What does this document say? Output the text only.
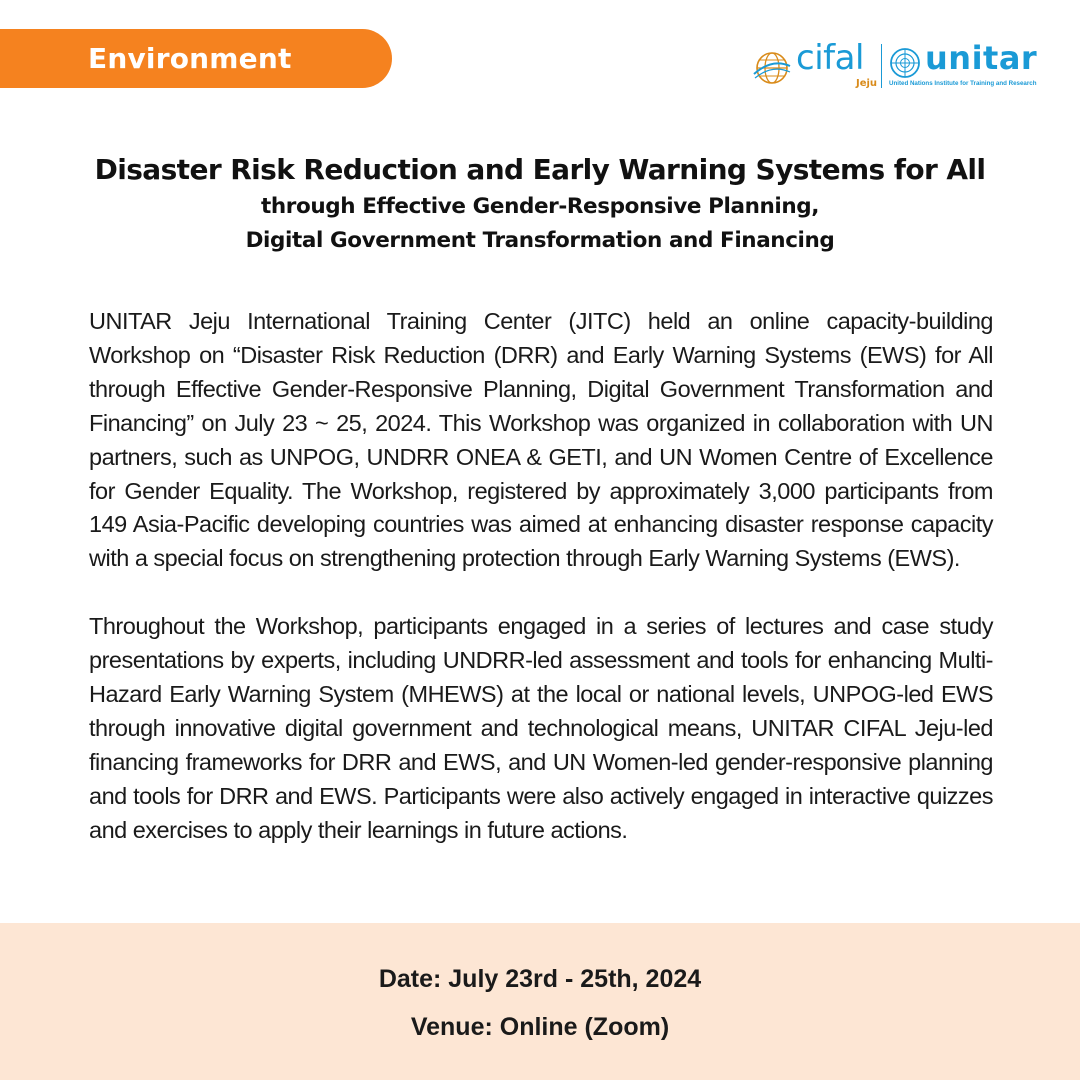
Environment	cifal
Jeju
unitar
United Nations Institute for Training and Research
Disaster Risk Reduction and Early Warning Systems for All
through Effective Gender-Responsive Planning,
Digital Government Transformation and Financing

UNITAR Jeju International Training Center (JITC) held an online capacity-building Workshop on “Disaster Risk Reduction (DRR) and Early Warning Systems (EWS) for All through Effective Gender-Responsive Planning, Digital Government Transformation and Financing” on July 23 ~ 25, 2024. This Workshop was organized in collaboration with UN partners, such as UNPOG, UNDRR ONEA & GETI, and UN Women Centre of Excellence for Gender Equality. The Workshop, registered by approximately 3,000 participants from 149 Asia-Pacific developing countries was aimed at enhancing disaster response capacity with a special focus on strengthening protection through Early Warning Systems (EWS).

Throughout the Workshop, participants engaged in a series of lectures and case study presentations by experts, including UNDRR-led assessment and tools for enhancing Multi-Hazard Early Warning System (MHEWS) at the local or national levels, UNPOG-led EWS through innovative digital government and technological means, UNITAR CIFAL Jeju-led financing frameworks for DRR and EWS, and UN Women-led gender-responsive planning and tools for DRR and EWS. Participants were also actively engaged in interactive quizzes and exercises to apply their learnings in future actions.

Date: July 23rd - 25th, 2024
Venue: Online (Zoom)
